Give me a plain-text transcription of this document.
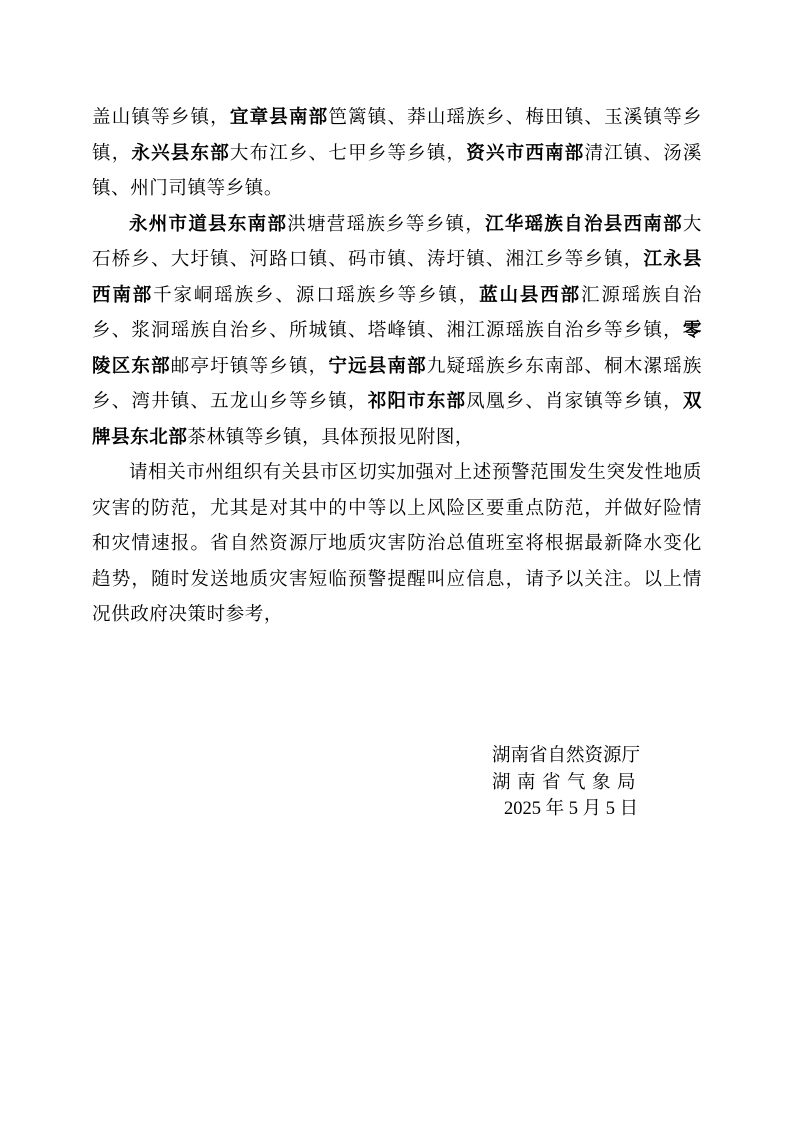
盖山镇等乡镇，宜章县南部笆篱镇、莽山瑶族乡、梅田镇、玉溪镇等乡镇，永兴县东部大布江乡、七甲乡等乡镇，资兴市西南部清江镇、汤溪镇、州门司镇等乡镇。

永州市道县东南部洪塘营瑶族乡等乡镇，江华瑶族自治县西南部大石桥乡、大圩镇、河路口镇、码市镇、涛圩镇、湘江乡等乡镇，江永县西南部千家峒瑶族乡、源口瑶族乡等乡镇，蓝山县西部汇源瑶族自治乡、浆洞瑶族自治乡、所城镇、塔峰镇、湘江源瑶族自治乡等乡镇，零陵区东部邮亭圩镇等乡镇，宁远县南部九疑瑶族乡东南部、桐木漯瑶族乡、湾井镇、五龙山乡等乡镇，祁阳市东部凤凰乡、肖家镇等乡镇，双牌县东北部茶林镇等乡镇，具体预报见附图，

请相关市州组织有关县市区切实加强对上述预警范围发生突发性地质灾害的防范，尤其是对其中的中等以上风险区要重点防范，并做好险情和灾情速报。省自然资源厅地质灾害防治总值班室将根据最新降水变化趋势，随时发送地质灾害短临预警提醒叫应信息，请予以关注。以上情况供政府决策时参考，

湖南省自然资源厅
湖南省气象局
2025 年 5 月 5 日
